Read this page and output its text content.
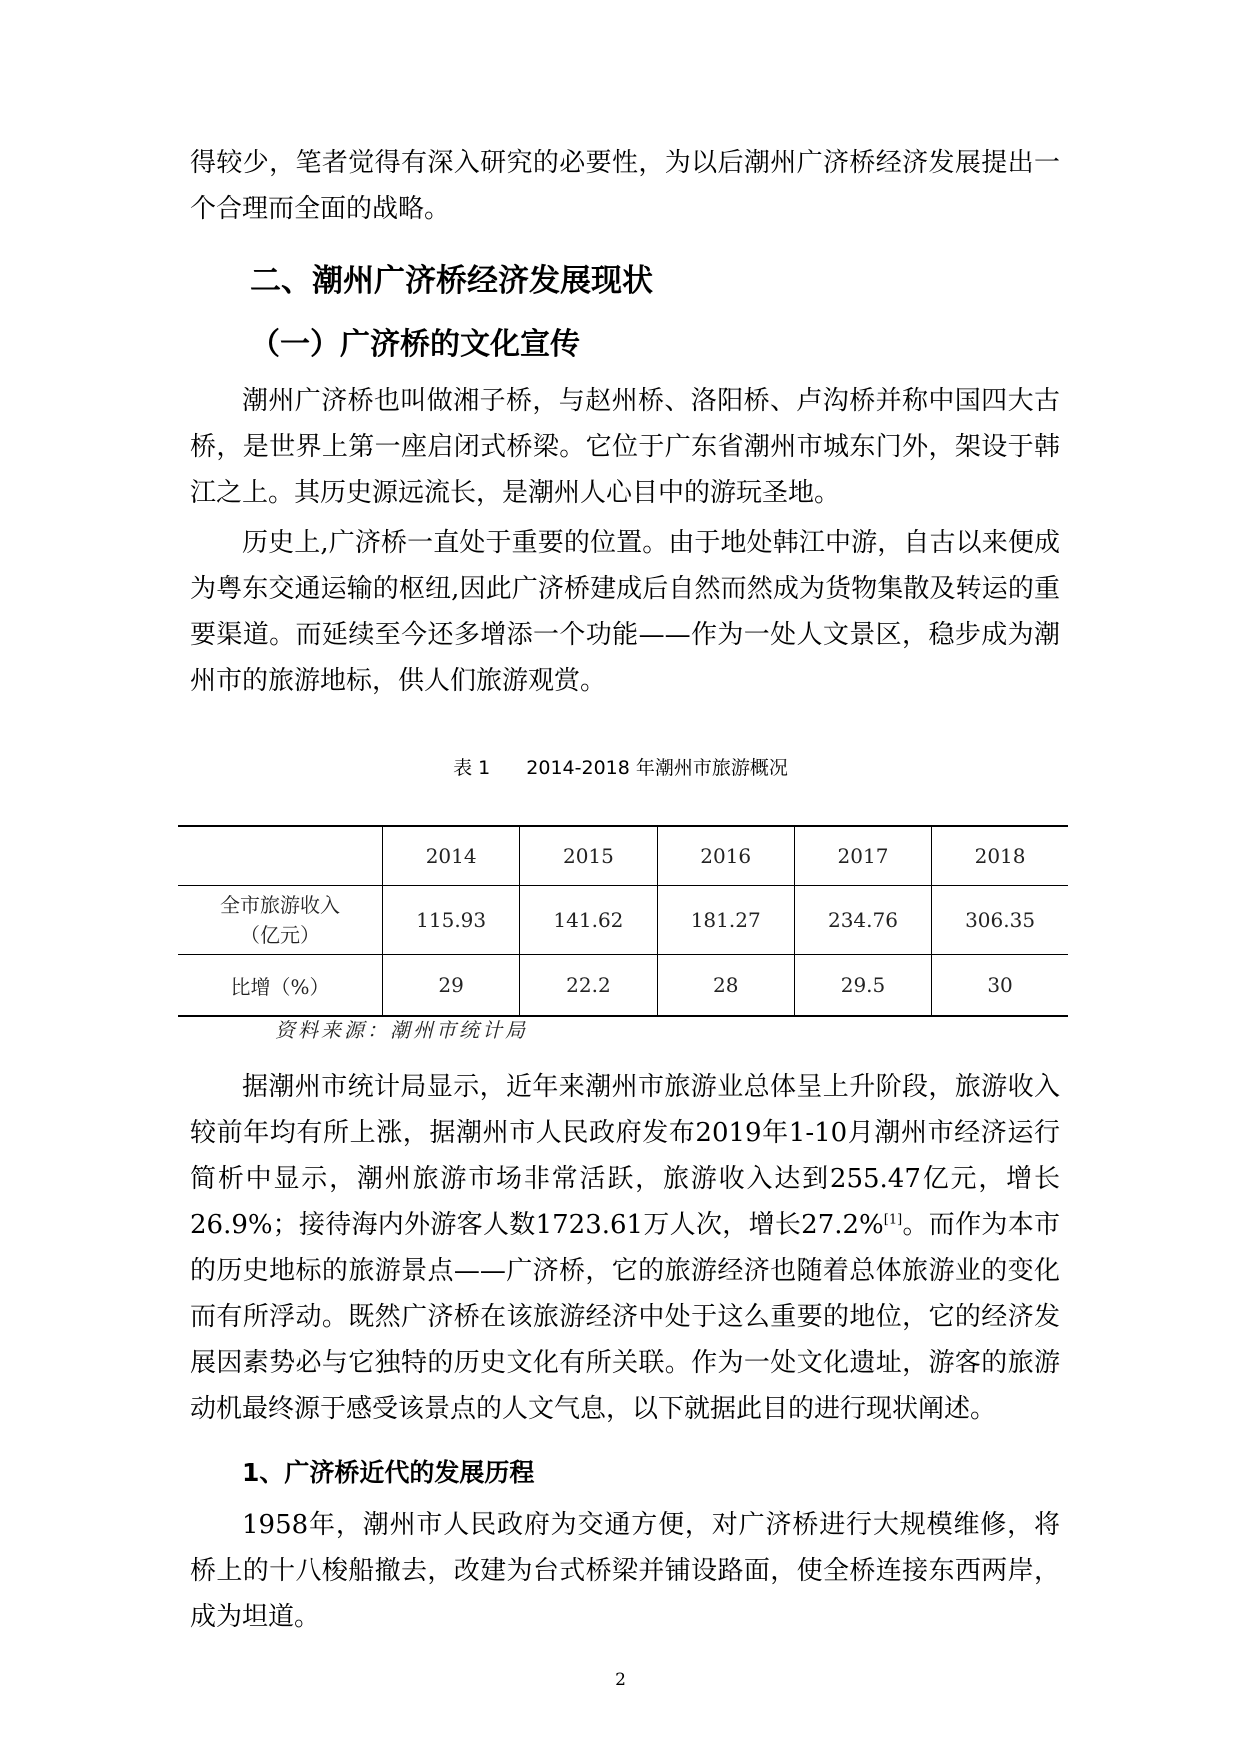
得较少，笔者觉得有深入研究的必要性，为以后潮州广济桥经济发展提出一个合理而全面的战略。

二、潮州广济桥经济发展现状
（一）广济桥的文化宣传

潮州广济桥也叫做湘子桥，与赵州桥、洛阳桥、卢沟桥并称中国四大古桥，是世界上第一座启闭式桥梁。它位于广东省潮州市城东门外，架设于韩江之上。其历史源远流长，是潮州人心目中的游玩圣地。

历史上,广济桥一直处于重要的位置。由于地处韩江中游，自古以来便成为粤东交通运输的枢纽,因此广济桥建成后自然而然成为货物集散及转运的重要渠道。而延续至今还多增添一个功能——作为一处人文景区，稳步成为潮州市的旅游地标，供人们旅游观赏。

表 1 2014-2018 年潮州市旅游概况
	2014	2015	2016	2017	2018
全市旅游收入
（亿元）	115.93	141.62	181.27	234.76	306.35
比增（%）	29	22.2	28	29.5	30
资料来源：潮州市统计局

据潮州市统计局显示，近年来潮州市旅游业总体呈上升阶段，旅游收入较前年均有所上涨，据潮州市人民政府发布2019年1-10月潮州市经济运行简析中显示，潮州旅游市场非常活跃，旅游收入达到255.47亿元，增长26.9%；接待海内外游客人数1723.61万人次，增长27.2%[1]。而作为本市的历史地标的旅游景点——广济桥，它的旅游经济也随着总体旅游业的变化而有所浮动。既然广济桥在该旅游经济中处于这么重要的地位，它的经济发展因素势必与它独特的历史文化有所关联。作为一处文化遗址，游客的旅游动机最终源于感受该景点的人文气息，以下就据此目的进行现状阐述。

1、广济桥近代的发展历程

1958年，潮州市人民政府为交通方便，对广济桥进行大规模维修，将桥上的十八梭船撤去，改建为台式桥梁并铺设路面，使全桥连接东西两岸，成为坦道。

2
